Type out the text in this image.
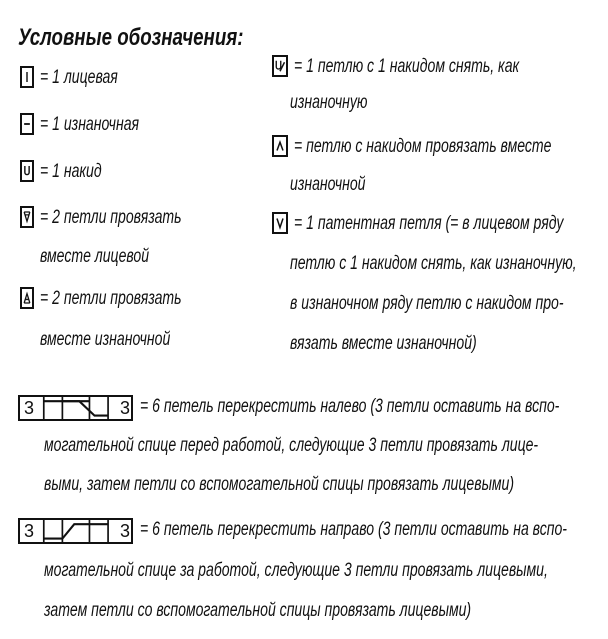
Условные обозначения:
= 1 лицевая
= 1 изнаночная
= 1 накид
= 2 петли провязать
вместе лицевой
= 2 петли провязать
вместе изнаночной
= 1 петлю с 1 накидом снять, как
изнаночную
= петлю с накидом провязать вместе
изнаночной
= 1 патентная петля (= в лицевом ряду
петлю с 1 накидом снять, как изнаночную,
в изнаночном ряду петлю с накидом про-
вязать вместе изнаночной)
3	3 = 6 петель перекрестить налево (3 петли оставить на вспо-
могательной спице перед работой, следующие 3 петли провязать лице-
выми, затем петли со вспомогательной спицы провязать лицевыми)
3	3 = 6 петель перекрестить направо (3 петли оставить на вспо-
могательной спице за работой, следующие 3 петли провязать лицевыми,
затем петли со вспомогательной спицы провязать лицевыми)
